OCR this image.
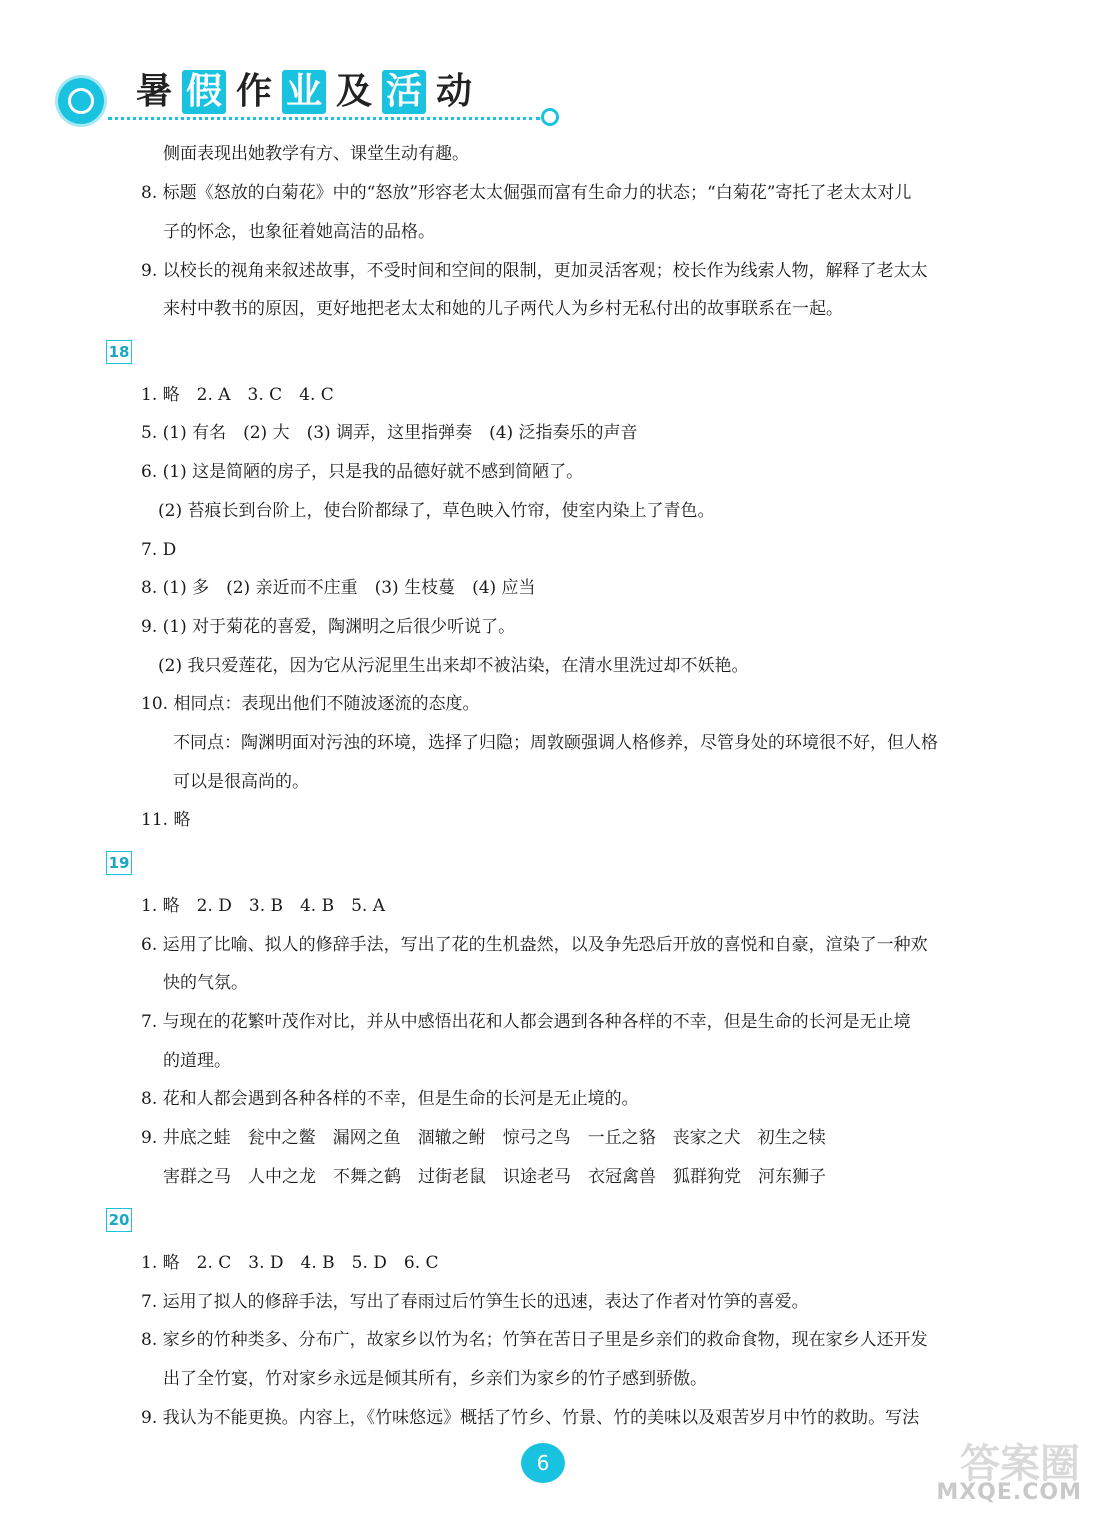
暑 假 作 业 及 活 动
侧面表现出她教学有方、课堂生动有趣。
8. 标题《怒放的白菊花》中的“怒放”形容老太太倔强而富有生命力的状态；“白菊花”寄托了老太太对儿
子的怀念，也象征着她高洁的品格。
9. 以校长的视角来叙述故事，不受时间和空间的限制，更加灵活客观；校长作为线索人物，解释了老太太
来村中教书的原因，更好地把老太太和她的儿子两代人为乡村无私付出的故事联系在一起。
18
1. 略　2. A　3. C　4. C
5. (1) 有名　(2) 大　(3) 调弄，这里指弹奏　(4) 泛指奏乐的声音
6. (1) 这是简陋的房子，只是我的品德好就不感到简陋了。
(2) 苔痕长到台阶上，使台阶都绿了，草色映入竹帘，使室内染上了青色。
7. D
8. (1) 多　(2) 亲近而不庄重　(3) 生枝蔓　(4) 应当
9. (1) 对于菊花的喜爱，陶渊明之后很少听说了。
(2) 我只爱莲花，因为它从污泥里生出来却不被沾染，在清水里洗过却不妖艳。
10. 相同点：表现出他们不随波逐流的态度。
不同点：陶渊明面对污浊的环境，选择了归隐；周敦颐强调人格修养，尽管身处的环境很不好，但人格
可以是很高尚的。
11. 略
19
1. 略　2. D　3. B　4. B　5. A
6. 运用了比喻、拟人的修辞手法，写出了花的生机盎然，以及争先恐后开放的喜悦和自豪，渲染了一种欢
快的气氛。
7. 与现在的花繁叶茂作对比，并从中感悟出花和人都会遇到各种各样的不幸，但是生命的长河是无止境
的道理。
8. 花和人都会遇到各种各样的不幸，但是生命的长河是无止境的。
9. 井底之蛙　瓮中之鳖　漏网之鱼　涸辙之鲋　惊弓之鸟　一丘之貉　丧家之犬　初生之犊
害群之马　人中之龙　不舞之鹤　过街老鼠　识途老马　衣冠禽兽　狐群狗党　河东狮子
20
1. 略　2. C　3. D　4. B　5. D　6. C
7. 运用了拟人的修辞手法，写出了春雨过后竹笋生长的迅速，表达了作者对竹笋的喜爱。
8. 家乡的竹种类多、分布广，故家乡以竹为名；竹笋在苦日子里是乡亲们的救命食物，现在家乡人还开发
出了全竹宴，竹对家乡永远是倾其所有，乡亲们为家乡的竹子感到骄傲。
9. 我认为不能更换。内容上，《竹味悠远》概括了竹乡、竹景、竹的美味以及艰苦岁月中竹的救助。写法
6	答案圈
MXQE.COM
